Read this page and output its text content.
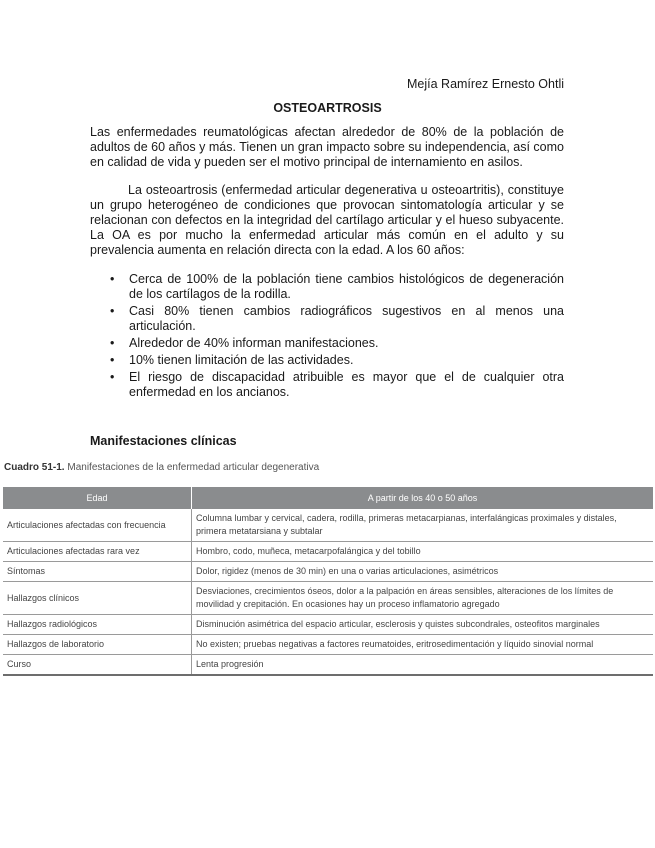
Mejía Ramírez Ernesto Ohtli
OSTEOARTROSIS

Las enfermedades reumatológicas afectan alrededor de 80% de la población de adultos de 60 años y más. Tienen un gran impacto sobre su independencia, así como en calidad de vida y pueden ser el motivo principal de internamiento en asilos.

La osteoartrosis (enfermedad articular degenerativa u osteoartritis), constituye un grupo heterogéneo de condiciones que provocan sintomatología articular y se relacionan con defectos en la integridad del cartílago articular y el hueso subyacente. La OA es por mucho la enfermedad articular más común en el adulto y su prevalencia aumenta en relación directa con la edad. A los 60 años:

• Cerca de 100% de la población tiene cambios histológicos de degeneración de los cartílagos de la rodilla.
• Casi 80% tienen cambios radiográficos sugestivos en al menos una articulación.
• Alrededor de 40% informan manifestaciones.
• 10% tienen limitación de las actividades.
• El riesgo de discapacidad atribuible es mayor que el de cualquier otra enfermedad en los ancianos.
Manifestaciones clínicas
Cuadro 51-1. Manifestaciones de la enfermedad articular degenerativa
Edad	A partir de los 40 o 50 años
Articulaciones afectadas con frecuencia	Columna lumbar y cervical, cadera, rodilla, primeras metacarpianas, interfalángicas proximales y distales, primera metatarsiana y subtalar
Articulaciones afectadas rara vez	Hombro, codo, muñeca, metacarpofalángica y del tobillo
Síntomas	Dolor, rigidez (menos de 30 min) en una o varias articulaciones, asimétricos
Hallazgos clínicos	Desviaciones, crecimientos óseos, dolor a la palpación en áreas sensibles, alteraciones de los límites de movilidad y crepitación. En ocasiones hay un proceso inflamatorio agregado
Hallazgos radiológicos	Disminución asimétrica del espacio articular, esclerosis y quistes subcondrales, osteofitos marginales
Hallazgos de laboratorio	No existen; pruebas negativas a factores reumatoides, eritrosedimentación y líquido sinovial normal
Curso	Lenta progresión
